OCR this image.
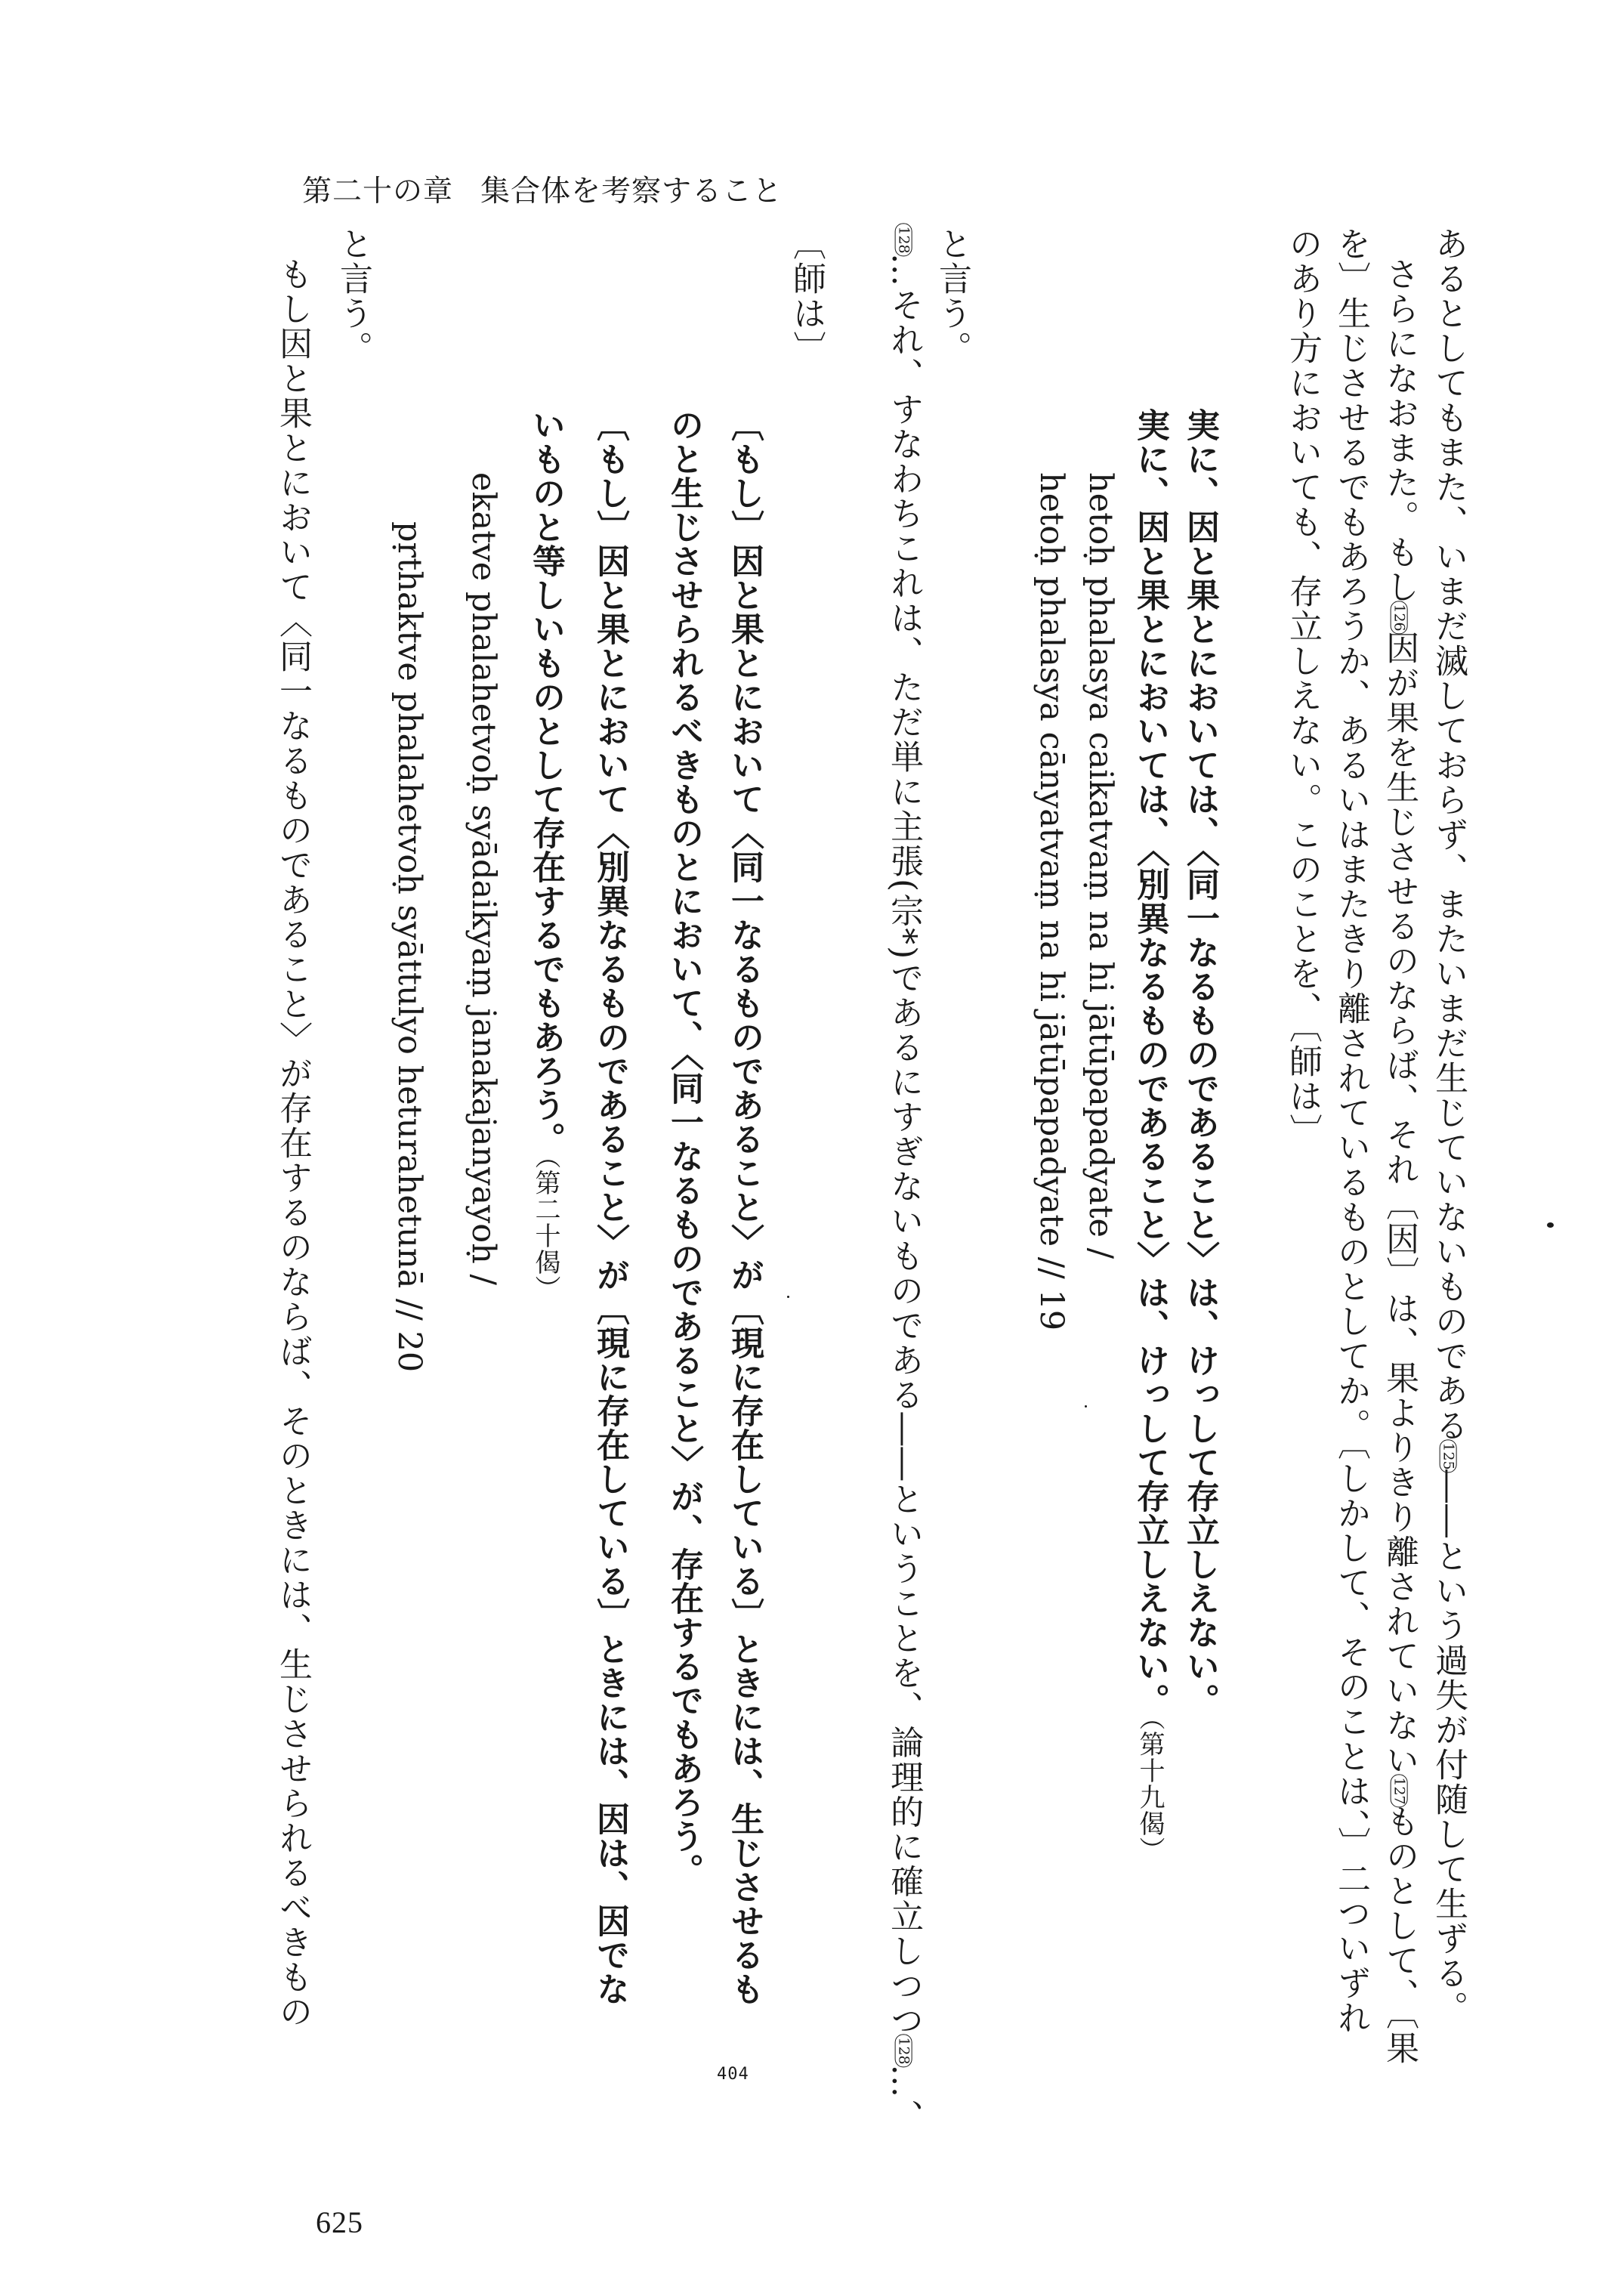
第二十の章 集合体を考察すること
あるとしてもまた、いまだ滅しておらず、またいまだ生じていないものである125――という過失が付随して生ずる。
さらになおまた。もし126因が果を生じさせるのならば、それ〔因〕は、果よりきり離されていない127ものとして、〔果
を〕生じさせるでもあろうか、あるいはまたきり離されているものとしてか。〔しかして、そのことは、〕二ついずれ
のあり方においても、存立しえない。このことを、〔師は〕
実に、因と果とにおいては、〈同一なるものであること〉は、けっして存立しえない。
実に、因と果とにおいては、〈別異なるものであること〉は、けっして存立しえない。（第十九偈）
hetoḥ phalasya caikatvaṃ na hi jātūpapadyate /
hetoḥ phalasya cānyatvaṃ na hi jātūpapadyate // 19
と言う。
128…それ、すなわちこれは、ただ単に主張(宗*)であるにすぎないものである――ということを、論理的に確立しつつ128…、
〔師は〕
〔もし〕因と果とにおいて〈同一なるものであること〉が〔現に存在している〕ときには、生じさせるも
のと生じさせられるべきものとにおいて、〈同一なるものであること〉が、存在するでもあろう。
〔もし〕因と果とにおいて〈別異なるものであること〉が〔現に存在している〕ときには、因は、因でな
いものと等しいものとして存在するでもあろう。（第二十偈）
ekatve phalahetvoḥ syādaikyaṃ janakajanyayoḥ /
pṛthaktve phalahetvoḥ syāttulyo heturahetunā // 20
と言う。
もし因と果とにおいて〈同一なるものであること〉が存在するのならば、そのときには、生じさせられるべきもの
404
625
